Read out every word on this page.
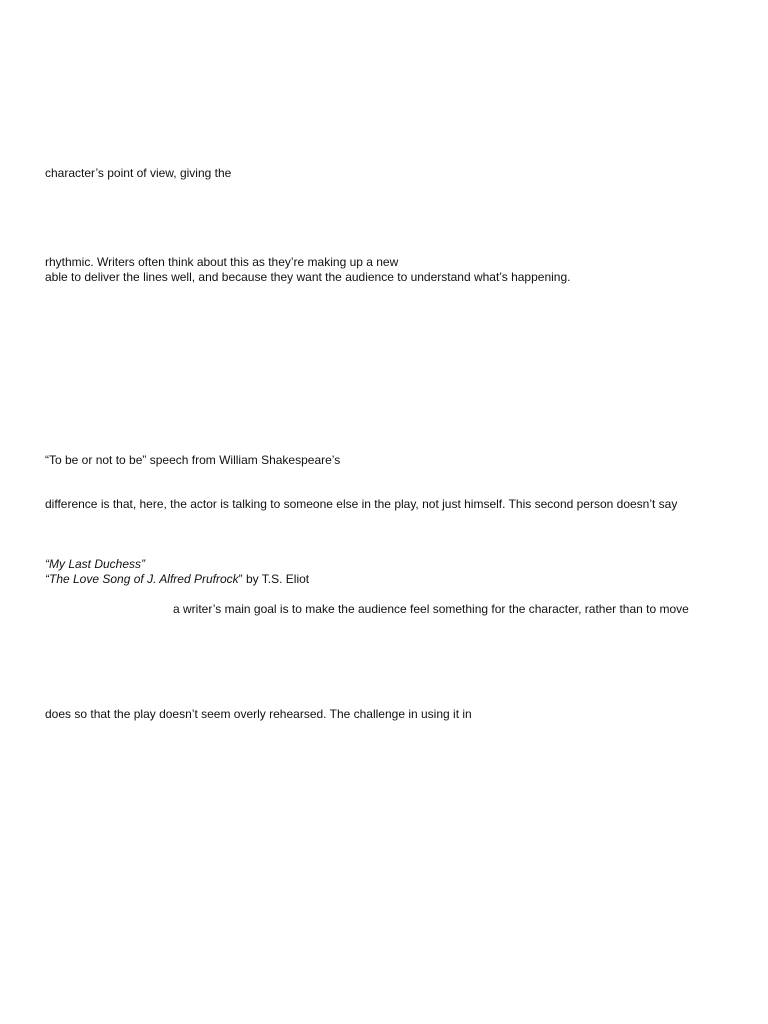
character’s point of view, giving the

rhythmic. Writers often think about this as they’re making up a new

able to deliver the lines well, and because they want the audience to understand what’s happening.

“To be or not to be” speech from William Shakespeare’s

difference is that, here, the actor is talking to someone else in the play, not just himself. This second person doesn’t say

“My Last Duchess”

“The Love Song of J. Alfred Prufrock” by T.S. Eliot

a writer’s main goal is to make the audience feel something for the character, rather than to move

does so that the play doesn’t seem overly rehearsed. The challenge in using it in
